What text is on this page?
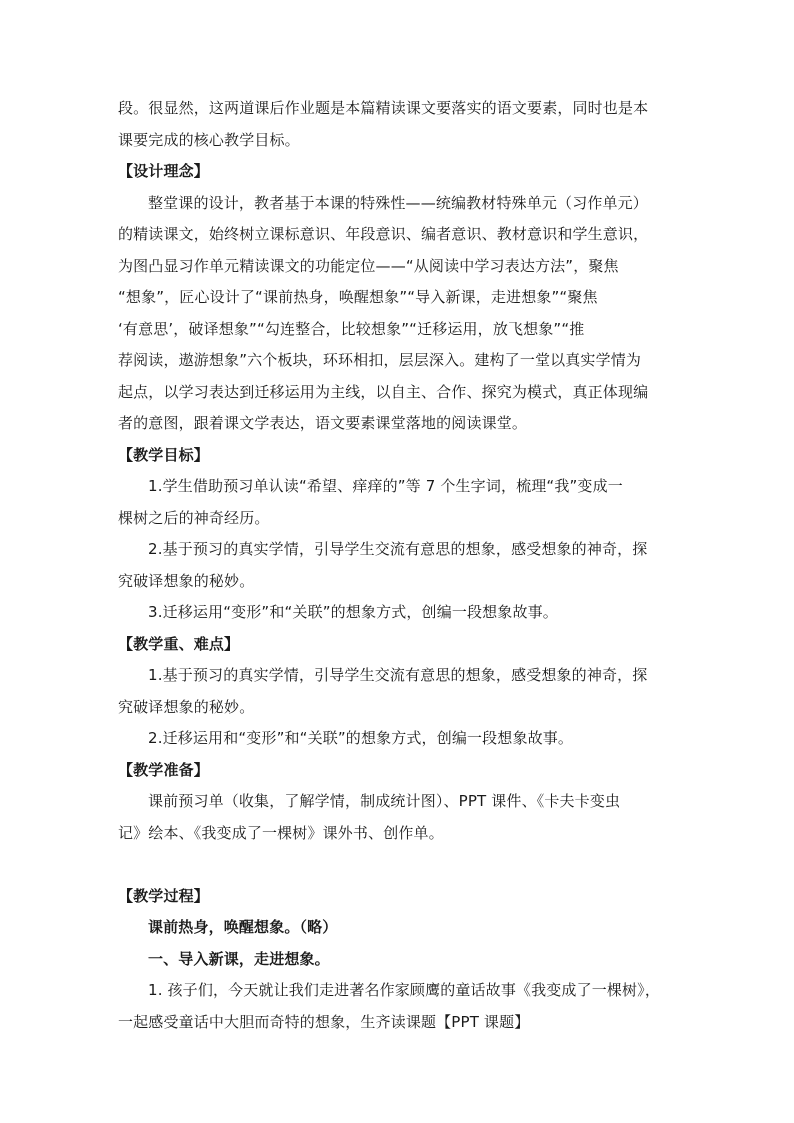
段。很显然，这两道课后作业题是本篇精读课文要落实的语文要素，同时也是本
课要完成的核心教学目标。
【设计理念】
整堂课的设计，教者基于本课的特殊性——统编教材特殊单元（习作单元）
的精读课文，始终树立课标意识、年段意识、编者意识、教材意识和学生意识，
为图凸显习作单元精读课文的功能定位——“从阅读中学习表达方法”，聚焦
“想象”，匠心设计了“课前热身，唤醒想象”“导入新课，走进想象”“聚焦
‘有意思’，破译想象”“勾连整合，比较想象”“迁移运用，放飞想象”“推
荐阅读，遨游想象”六个板块，环环相扣，层层深入。建构了一堂以真实学情为
起点，以学习表达到迁移运用为主线，以自主、合作、探究为模式，真正体现编
者的意图，跟着课文学表达，语文要素课堂落地的阅读课堂。
【教学目标】
1.学生借助预习单认读“希望、痒痒的”等 7 个生字词，梳理“我”变成一
棵树之后的神奇经历。
2.基于预习的真实学情，引导学生交流有意思的想象，感受想象的神奇，探
究破译想象的秘妙。
3.迁移运用“变形”和“关联”的想象方式，创编一段想象故事。
【教学重、难点】
1.基于预习的真实学情，引导学生交流有意思的想象，感受想象的神奇，探
究破译想象的秘妙。
2.迁移运用和“变形”和“关联”的想象方式，创编一段想象故事。
【教学准备】
课前预习单（收集，了解学情，制成统计图）、PPT 课件、《卡夫卡变虫
记》绘本、《我变成了一棵树》课外书、创作单。
【教学过程】
课前热身，唤醒想象。（略）
一、导入新课，走进想象。
1. 孩子们，今天就让我们走进著名作家顾鹰的童话故事《我变成了一棵树》，
一起感受童话中大胆而奇特的想象，生齐读课题【PPT 课题】
